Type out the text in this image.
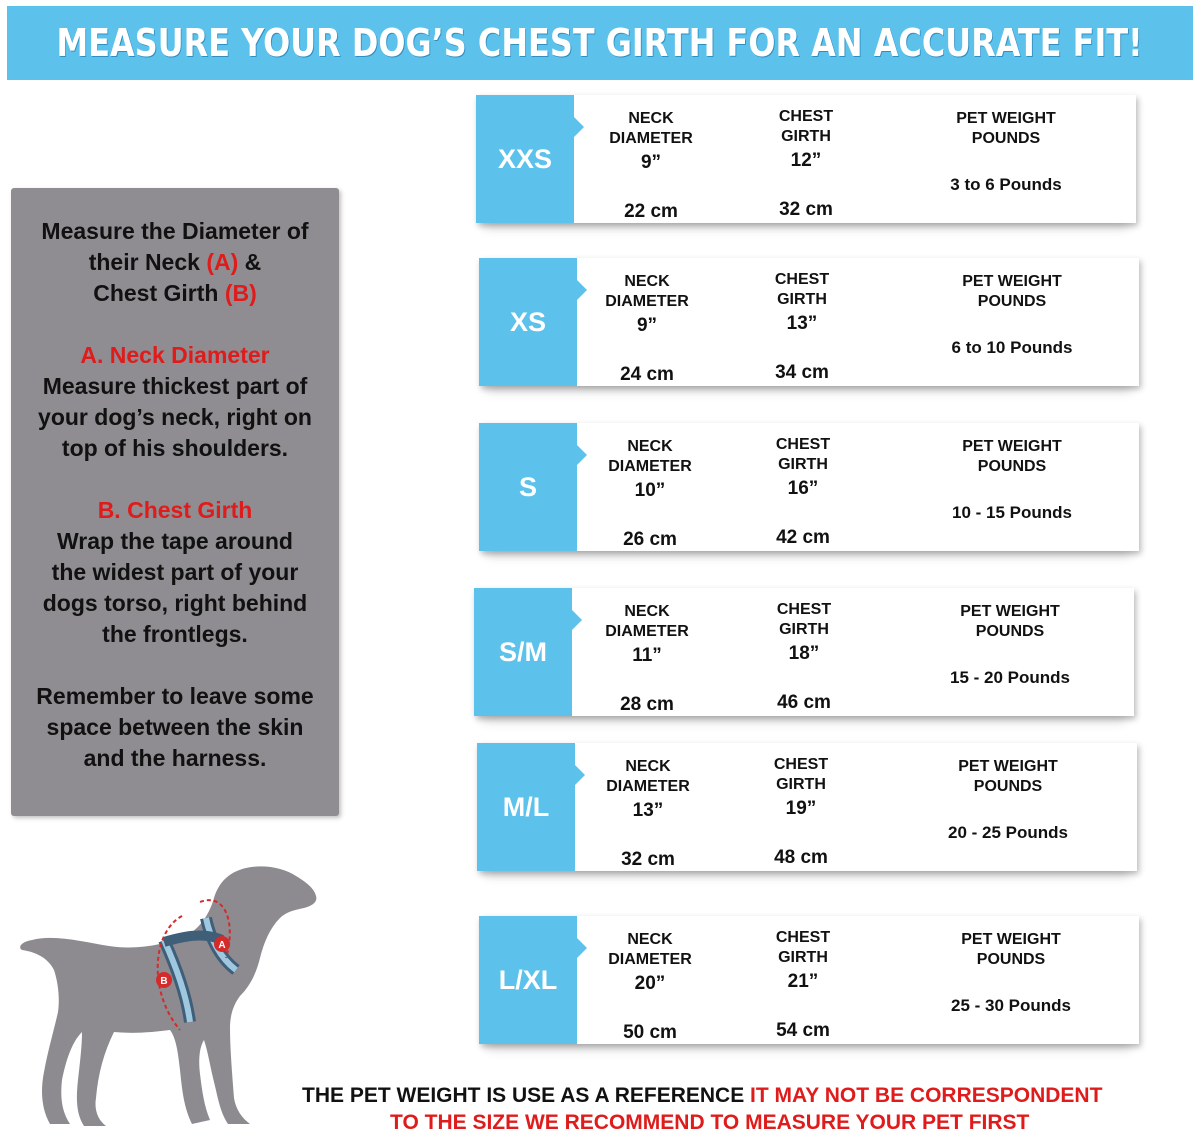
MEASURE YOUR DOG’S CHEST GIRTH FOR AN ACCURATE FIT!
Measure the Diameter of
their Neck (A) &
Chest Girth (B)
A. Neck Diameter
Measure thickest part of
your dog’s neck, right on
top of his shoulders.
B. Chest Girth
Wrap the tape around
the widest part of your
dogs torso, right behind
the frontlegs.
Remember to leave some
space between the skin
and the harness.
XXS
NECK
DIAMETER
9”
22 cm
CHEST
GIRTH
12”
32 cm
PET WEIGHT
POUNDS
3 to 6 Pounds
XS
NECK
DIAMETER
9”
24 cm
CHEST
GIRTH
13”
34 cm
PET WEIGHT
POUNDS
6 to 10 Pounds
S
NECK
DIAMETER
10”
26 cm
CHEST
GIRTH
16”
42 cm
PET WEIGHT
POUNDS
10 - 15 Pounds
S/M
NECK
DIAMETER
11”
28 cm
CHEST
GIRTH
18”
46 cm
PET WEIGHT
POUNDS
15 - 20 Pounds
M/L
NECK
DIAMETER
13”
32 cm
CHEST
GIRTH
19”
48 cm
PET WEIGHT
POUNDS
20 - 25 Pounds
L/XL
NECK
DIAMETER
20”
50 cm
CHEST
GIRTH
21”
54 cm
PET WEIGHT
POUNDS
25 - 30 Pounds
A
B
THE PET WEIGHT IS USE AS A REFERENCE IT MAY NOT BE CORRESPONDENT
TO THE SIZE WE RECOMMEND TO MEASURE YOUR PET FIRST
